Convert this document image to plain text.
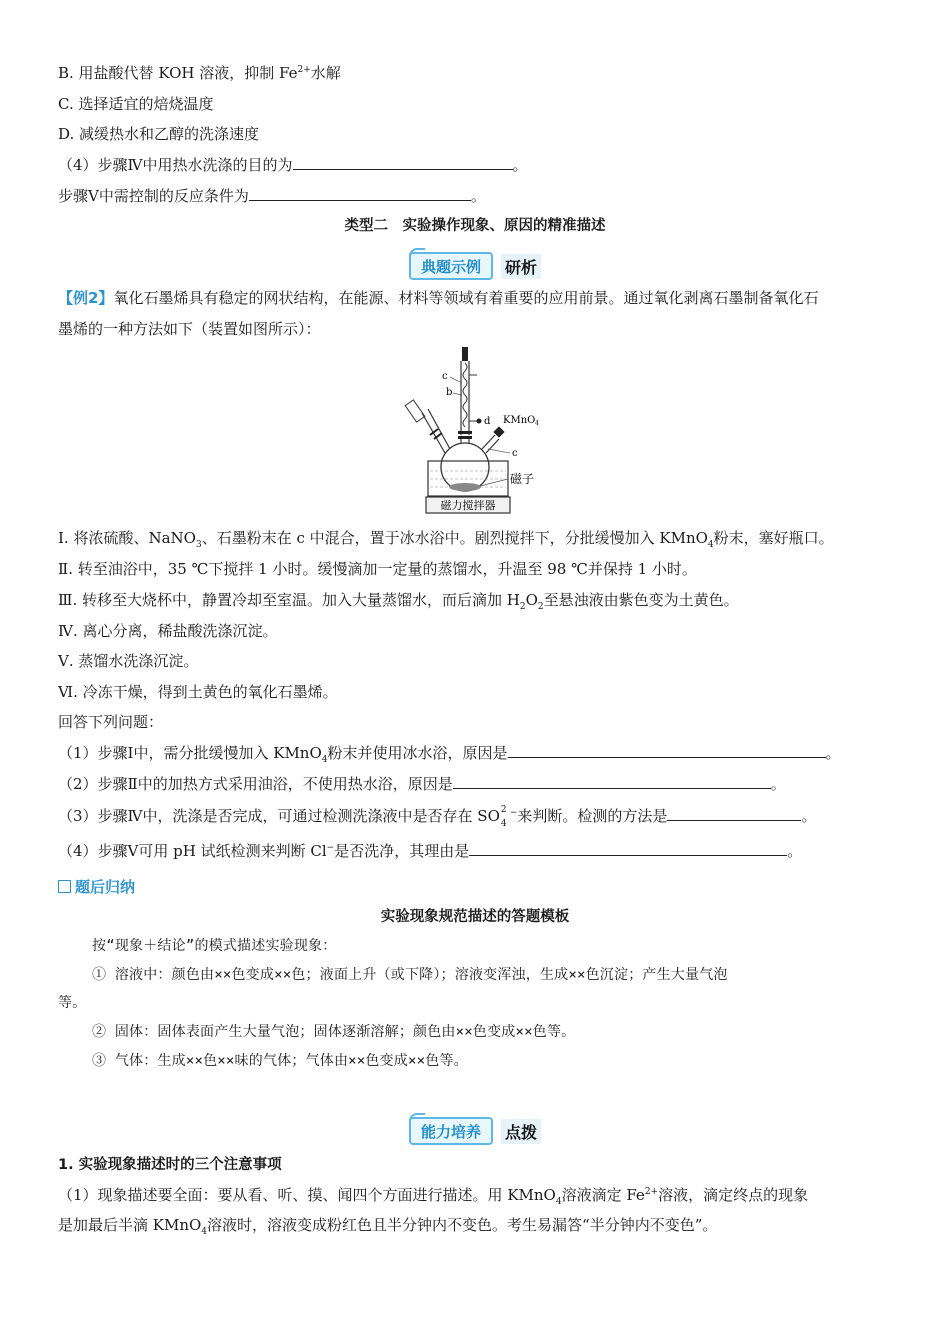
B. 用盐酸代替 KOH 溶液，抑制 $Fe^{2+}$水解
C. 选择适宜的焙烧温度
D. 减缓热水和乙醇的洗涤速度
（4）步骤Ⅳ中用热水洗涤的目的为	。
步骤Ⅴ中需控制的反应条件为	。
类型二　实验操作现象、原因的精准描述
典题示例	研析
【例2】氧化石墨烯具有稳定的网状结构，在能源、材料等领域有着重要的应用前景。通过氧化剥离石墨制备氧化石
墨烯的一种方法如下（装置如图所示）：
c
b
d KMnO 4
c
磁子
磁力搅拌器
Ⅰ. 将浓硫酸、NaNO$_3$、石墨粉末在 c 中混合，置于冰水浴中。剧烈搅拌下，分批缓慢加入 KMnO$_4$粉末，塞好瓶口。
Ⅱ. 转至油浴中，35 ℃下搅拌 1 小时。缓慢滴加一定量的蒸馏水，升温至 98 ℃并保持 1 小时。
Ⅲ. 转移至大烧杯中，静置冷却至室温。加入大量蒸馏水，而后滴加 $H_2O_2$至悬浊液由紫色变为土黄色。
Ⅳ. 离心分离，稀盐酸洗涤沉淀。
Ⅴ. 蒸馏水洗涤沉淀。
Ⅵ. 冷冻干燥，得到土黄色的氧化石墨烯。
回答下列问题：
（1）步骤Ⅰ中，需分批缓慢加入 KMnO$_4$粉末并使用冰水浴，原因是	。
（2）步骤Ⅱ中的加热方式采用油浴，不使用热水浴，原因是	。
（3）步骤Ⅳ中，洗涤是否完成，可通过检测洗涤液中是否存在 SO 2
4
−来判断。检测的方法是	。
（4）步骤Ⅴ可用 pH 试纸检测来判断 Cl−是否洗净，其理由是	。
题后归纳
实验现象规范描述的答题模板
按“现象＋结论”的模式描述实验现象：
① 溶液中：颜色由××色变成××色；液面上升（或下降）；溶液变浑浊，生成××色沉淀；产生大量气泡
等。
② 固体：固体表面产生大量气泡；固体逐渐溶解；颜色由××色变成××色等。
③ 气体：生成××色××味的气体；气体由××色变成××色等。
能力培养	点拨
1. 实验现象描述时的三个注意事项
（1）现象描述要全面：要从看、听、摸、闻四个方面进行描述。用 KMnO$_4$溶液滴定 $Fe^{2+}$溶液，滴定终点的现象
是加最后半滴 KMnO$_4$溶液时，溶液变成粉红色且半分钟内不变色。考生易漏答“半分钟内不变色”。
